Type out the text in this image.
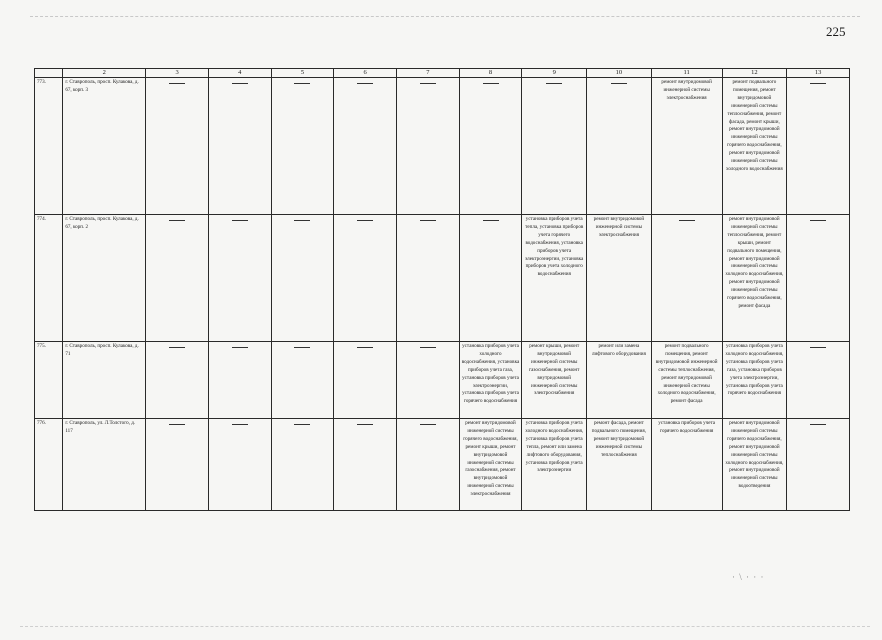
225
	2	3	4	5	6	7	8	9	10	11	12	13
773.	г. Ставрополь, просп. Кулакова, д. 67, корп. 3									ремонт внутридомовой инженерной системы электроснабжения	ремонт подвального помещения, ремонт внутридомовой инженерной системы теплоснабжения, ремонт фасада, ремонт крыши, ремонт внутридомовой инженерной системы горячего водоснабжения, ремонт внутридомовой инженерной системы холодного водоснабжения	
774.	г. Ставрополь, просп. Кулакова, д. 67, корп. 2							установка приборов учета тепла, установка приборов учета горячего водоснабжения, установка приборов учета электроэнергии, установка приборов учета холодного водоснабжения	ремонт внутридомовой инженерной системы электроснабжения		ремонт внутридомовой инженерной системы теплоснабжения, ремонт крыши, ремонт подвального помещения, ремонт внутридомовой инженерной системы холодного водоснабжения, ремонт внутридомовой инженерной системы горячего водоснабжения, ремонт фасада	
775.	г. Ставрополь, просп. Кулакова, д. 71						установка приборов учета холодного водоснабжения, установка приборов учета газа, установка приборов учета электроэнергии, установка приборов учета горячего водоснабжения	ремонт крыши, ремонт внутридомовой инженерной системы газоснабжения, ремонт внутридомовой инженерной системы электроснабжения	ремонт или замена лифтового оборудования	ремонт подвального помещения, ремонт внутридомовой инженерной системы теплоснабжения, ремонт внутридомовой инженерной системы холодного водоснабжения, ремонт фасада	установка приборов учета холодного водоснабжения, установка приборов учета газа, установка приборов учета электроэнергии, установка приборов учета горячего водоснабжения	
776.	г. Ставрополь, ул. Л.Толстого, д. 117						ремонт внутридомовой инженерной системы горячего водоснабжения, ремонт крыши, ремонт внутридомовой инженерной системы газоснабжения, ремонт внутридомовой инженерной системы электроснабжения	установка приборов учета холодного водоснабжения, установка приборов учета тепла, ремонт или замена лифтового оборудования, установка приборов учета электроэнергии	ремонт фасада, ремонт подвального помещения, ремонт внутридомовой инженерной системы теплоснабжения	установка приборов учета горячего водоснабжения	ремонт внутридомовой инженерной системы горячего водоснабжения, ремонт внутридомовой инженерной системы холодного водоснабжения, ремонт внутридомовой инженерной системы водоотведения	
· \ · · ·
